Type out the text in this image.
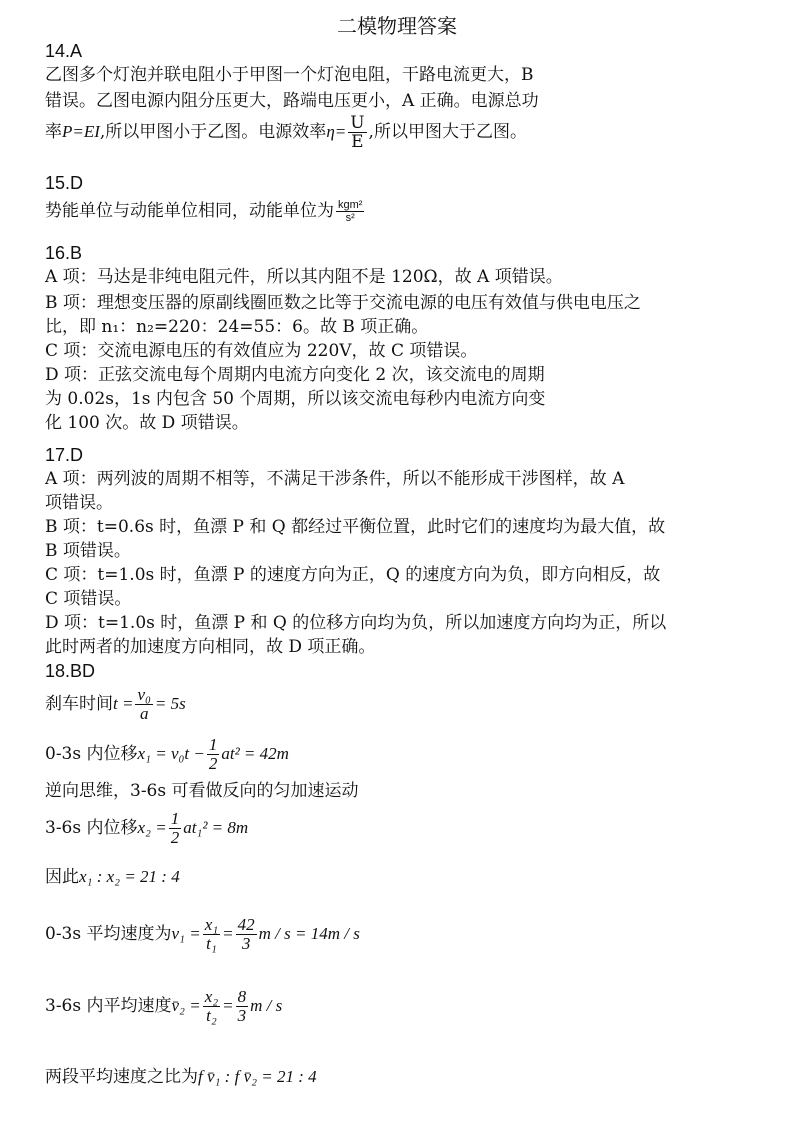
二模物理答案
14.A
乙图多个灯泡并联电阻小于甲图一个灯泡电阻，干路电流更大，B
错误。乙图电源内阻分压更大，路端电压更小，A 正确。电源总功
率P=EI,所以甲图小于乙图。电源效率$\eta= \frac{U}{E}$ ,所以甲图大于乙图。
15.D
势能单位与动能单位相同，动能单位为 $\frac{\text{kgm²}}{\text{s²}}$
16.B
A 项：马达是非纯电阻元件，所以其内阻不是 120Ω，故 A 项错误。
B 项：理想变压器的原副线圈匝数之比等于交流电源的电压有效值与供电电压之
比，即 n₁：n₂=220：24=55：6。故 B 项正确。
C 项：交流电源电压的有效值应为 220V，故 C 项错误。
D 项：正弦交流电每个周期内电流方向变化 2 次，该交流电的周期
为 0.02s，1s 内包含 50 个周期，所以该交流电每秒内电流方向变
化 100 次。故 D 项错误。
17.D
A 项：两列波的周期不相等，不满足干涉条件，所以不能形成干涉图样，故 A
项错误。
B 项：t=0.6s 时，鱼漂 P 和 Q 都经过平衡位置，此时它们的速度均为最大值，故
B 项错误。
C 项：t=1.0s 时，鱼漂 P 的速度方向为正，Q 的速度方向为负，即方向相反，故
C 项错误。
D 项：t=1.0s 时，鱼漂 P 和 Q 的位移方向均为负，所以加速度方向均为正，所以
此时两者的加速度方向相同，故 D 项正确。
18.BD
刹车时间$t = \frac{\text{v₀}}{a} = 5s$
0-3s 内位移$x_1 = v_0t - \frac{1}{2} at^2 = 42m$
逆向思维，3-6s 可看做反向的匀加速运动
3-6s 内位移$x_2 = \frac{1}{2} at_1^2 = 8m$
因此x₁ : x₂ = 21 : 4
0-3s 平均速度为$v_1 = \frac{\text{x₁}}{\text{t₁}} = \frac{42}{3}$ m / s = 14m / s
3-6s 内平均速度v̄₂ = $\frac{\text{x₂}}{\text{t₂}} = \frac{8}{3}$ m / s
两段平均速度之比为f v̄₁ : f v̄₂ = 21 : 4
